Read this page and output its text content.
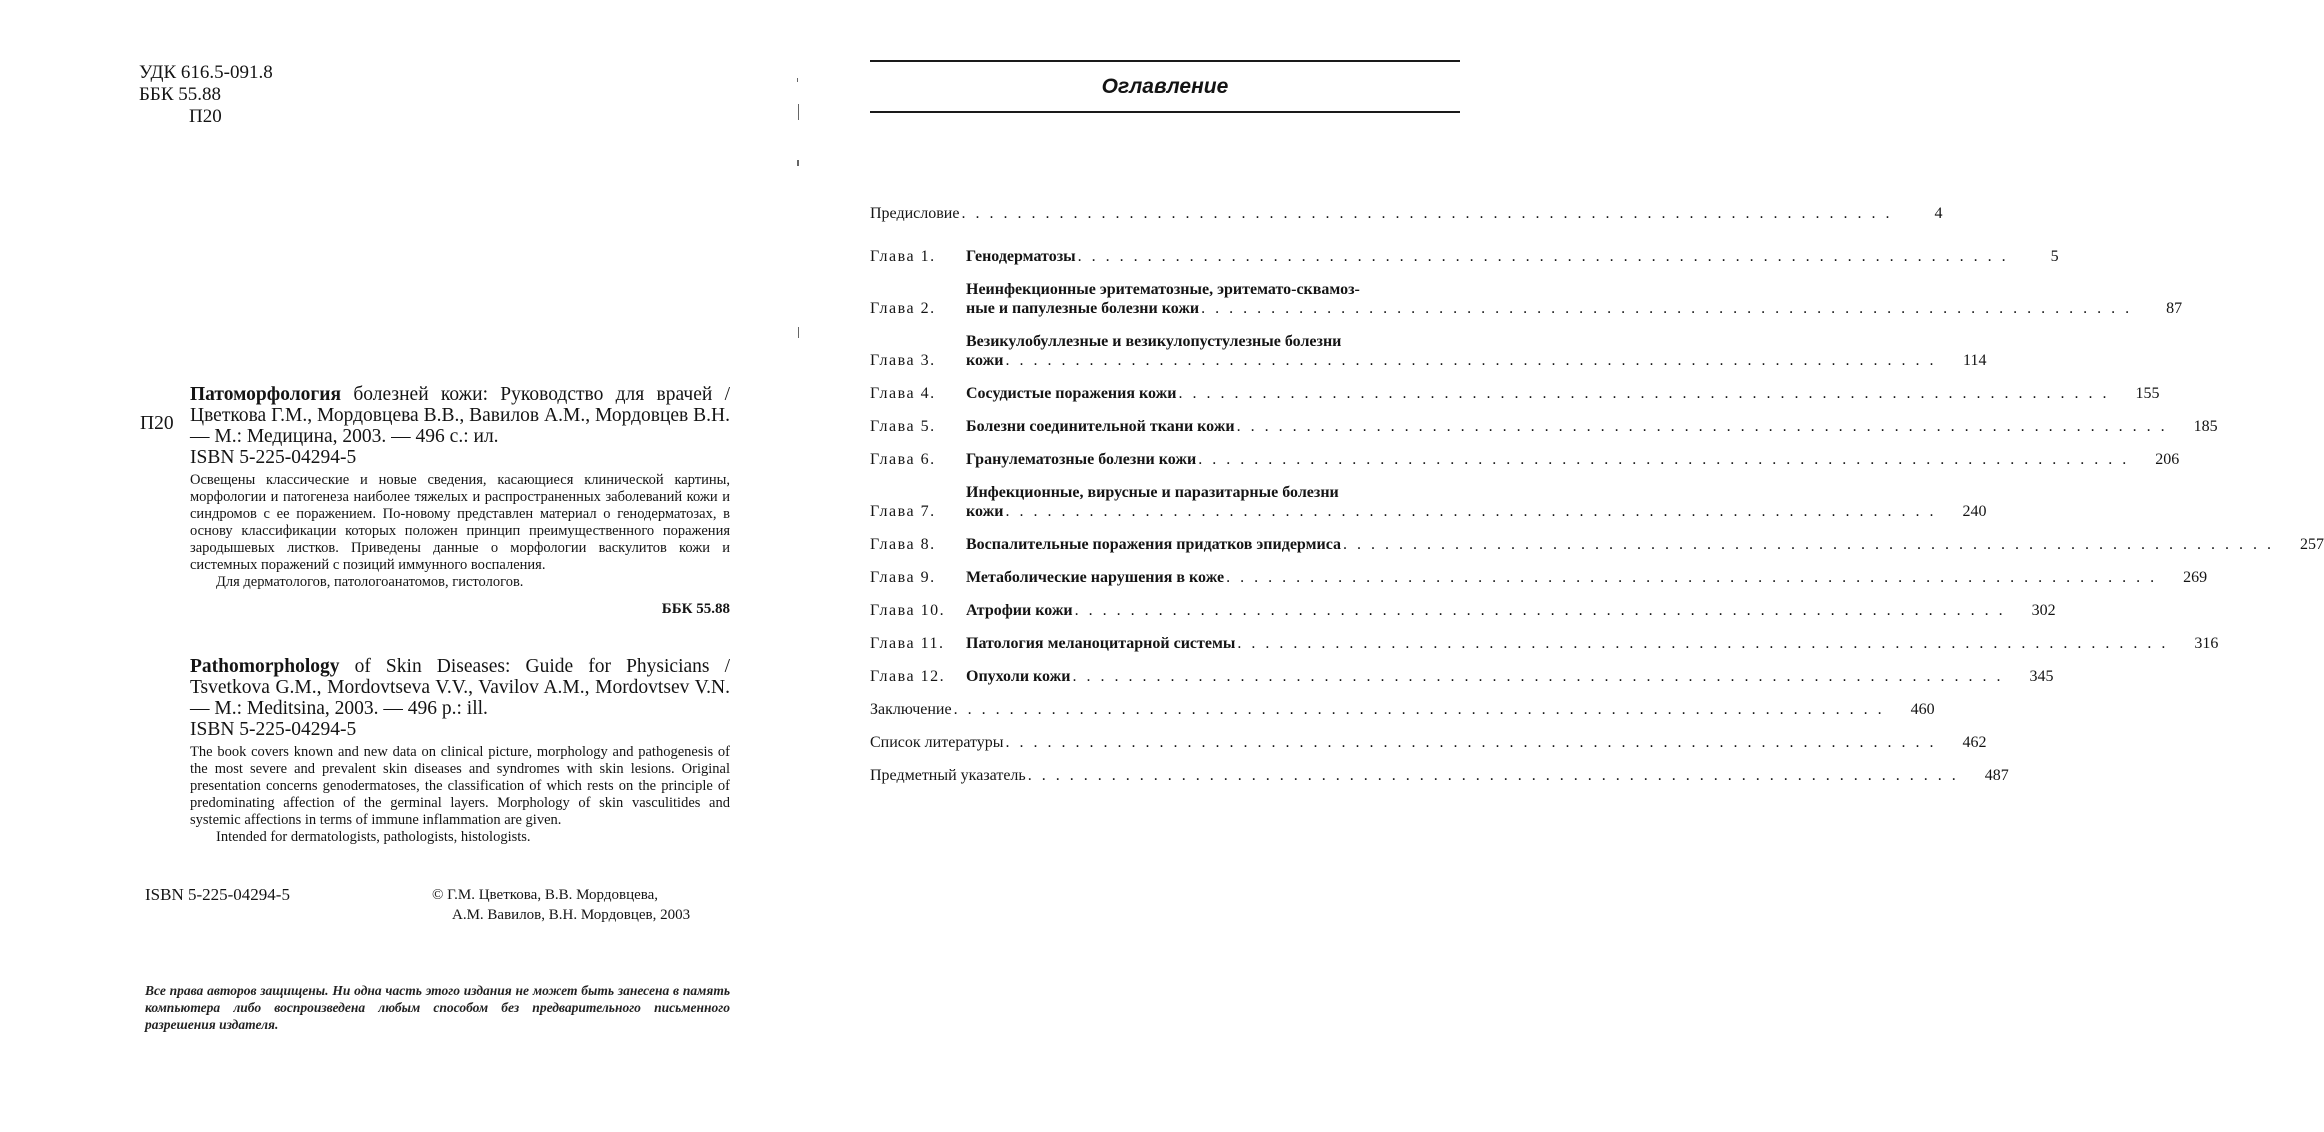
УДК 616.5-091.8
ББК 55.88
П20
П20
Патоморфология болезней кожи: Руководство для врачей / Цветкова Г.М., Мордовцева В.В., Вавилов А.М., Мордовцев В.Н. — М.: Медицина, 2003. — 496 с.: ил.
ISBN 5-225-04294-5
Освещены классические и новые сведения, касающиеся клинической картины, морфологии и патогенеза наиболее тяжелых и распространенных заболеваний кожи и синдромов с ее поражением. По-новому представлен материал о генодерматозах, в основу классификации которых положен принцип преимущественного поражения зародышевых листков. Приведены данные о морфологии васкулитов кожи и системных поражений с позиций иммунного воспаления.
Для дерматологов, патологоанатомов, гистологов.
ББК 55.88
Pathomorphology of Skin Diseases: Guide for Physicians / Tsvetkova G.M., Mordovtseva V.V., Vavilov A.M., Mordovtsev V.N. — M.: Meditsina, 2003. — 496 p.: ill.
ISBN 5-225-04294-5
The book covers known and new data on clinical picture, morphology and pathogenesis of the most severe and prevalent skin diseases and syndromes with skin lesions. Original presentation concerns genodermatoses, the classification of which rests on the principle of predominating affection of the germinal layers. Morphology of skin vasculitides and systemic affections in terms of immune inflammation are given.
Intended for dermatologists, pathologists, histologists.
ISBN 5-225-04294-5	© Г.М. Цветкова, В.В. Мордовцева,
А.М. Вавилов, В.Н. Мордовцев, 2003
Все права авторов защищены. Ни одна часть этого издания не может быть занесена в память компьютера либо воспроизведена любым способом без предварительного письменного разрешения издателя.
Оглавление
Предисловие . . .	4
Глава 1.	Генодерматозы . . .	5
Глава 2.
Неинфекционные эритематозные, эритемато-сквамоз-
ные и папулезные болезни кожи . . .	87
Глава 3.
Везикулобуллезные и везикулопустулезные болезни
кожи . . .	114
Глава 4.	Сосудистые поражения кожи . . .	155
Глава 5.	Болезни соединительной ткани кожи . . .	185
Глава 6.	Гранулематозные болезни кожи . . .	206
Глава 7.
Инфекционные, вирусные и паразитарные болезни
кожи . . .	240
Глава 8.	Воспалительные поражения придатков эпидермиса . . .	257
Глава 9.	Метаболические нарушения в коже . . .	269
Глава 10.	Атрофии кожи . . .	302
Глава 11.	Патология меланоцитарной системы . . .	316
Глава 12.	Опухоли кожи . . .	345
Заключение . . .	460
Список литературы . . .	462
Предметный указатель . . .	487
